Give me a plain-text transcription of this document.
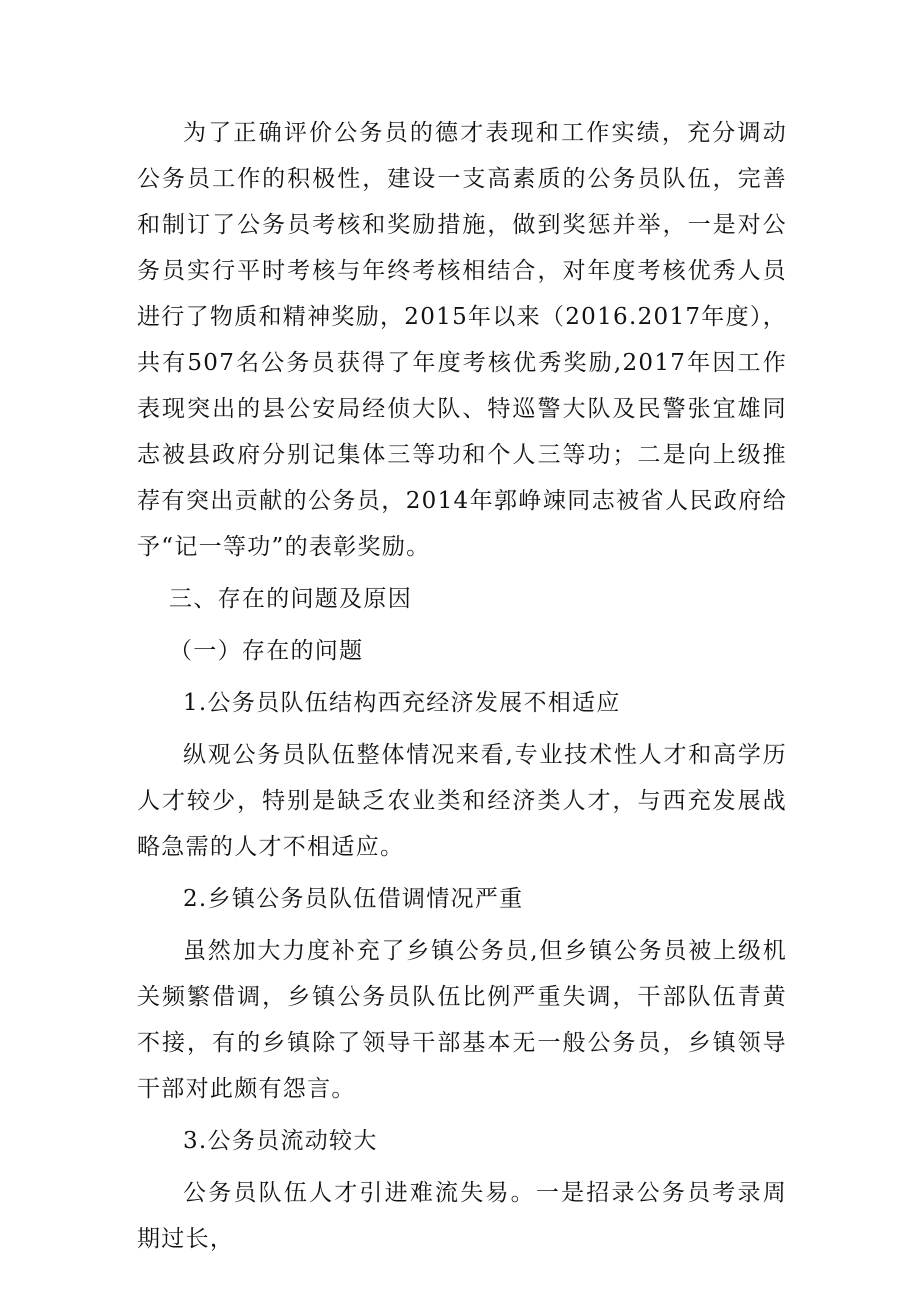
为了正确评价公务员的德才表现和工作实绩，充分调动公务员工作的积极性，建设一支高素质的公务员队伍，完善和制订了公务员考核和奖励措施，做到奖惩并举，一是对公务员实行平时考核与年终考核相结合，对年度考核优秀人员进行了物质和精神奖励，2015年以来（2016.2017年度），共有507名公务员获得了年度考核优秀奖励,2017年因工作表现突出的县公安局经侦大队、特巡警大队及民警张宜雄同志被县政府分别记集体三等功和个人三等功；二是向上级推荐有突出贡献的公务员，2014年郭峥竦同志被省人民政府给予“记一等功”的表彰奖励。

三、存在的问题及原因

（一）存在的问题

1.公务员队伍结构西充经济发展不相适应

纵观公务员队伍整体情况来看,专业技术性人才和高学历人才较少，特别是缺乏农业类和经济类人才，与西充发展战略急需的人才不相适应。

2.乡镇公务员队伍借调情况严重

虽然加大力度补充了乡镇公务员,但乡镇公务员被上级机关频繁借调，乡镇公务员队伍比例严重失调，干部队伍青黄不接，有的乡镇除了领导干部基本无一般公务员，乡镇领导干部对此颇有怨言。

3.公务员流动较大

公务员队伍人才引进难流失易。一是招录公务员考录周期过长，
